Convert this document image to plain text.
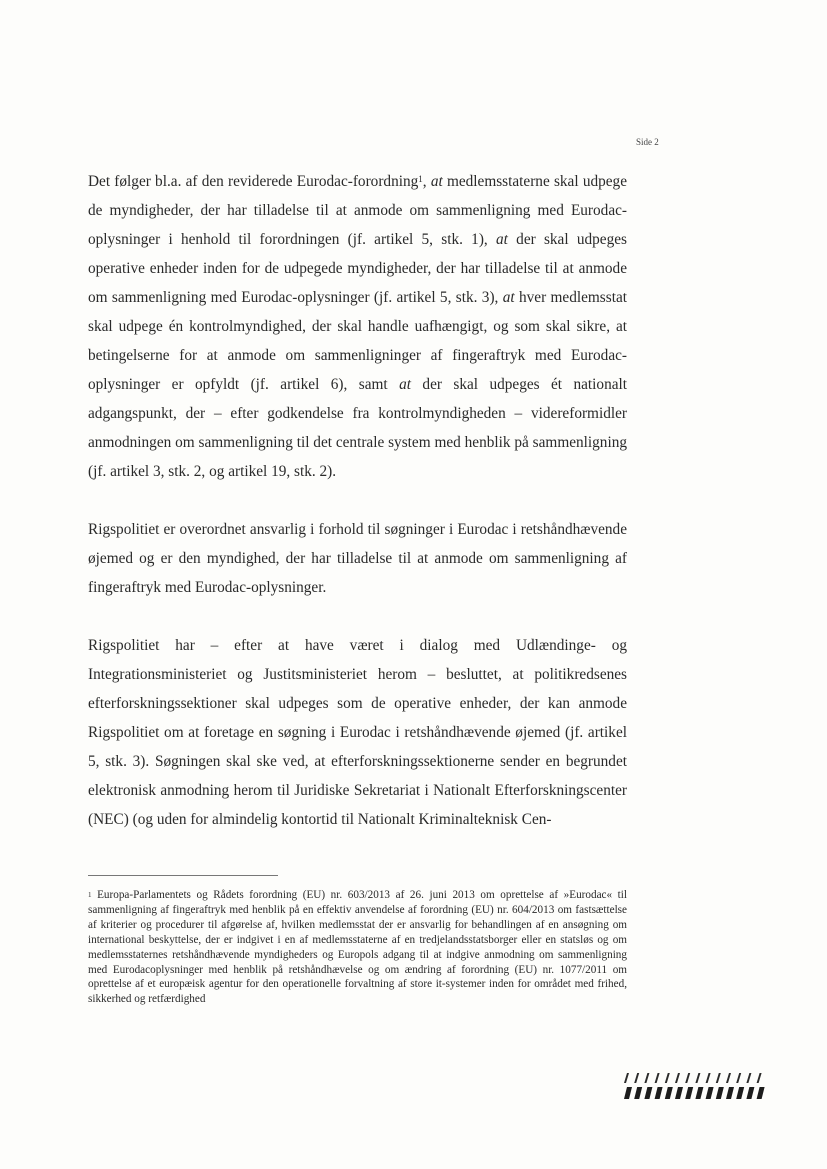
Side 2

Det følger bl.a. af den reviderede Eurodac-forordning$^1$, at medlemsstaterne skal udpege de myndigheder, der har tilladelse til at anmode om sammenligning med Eurodac-oplysninger i henhold til forordningen (jf. artikel 5, stk. 1), at der skal udpeges operative enheder inden for de udpegede myndigheder, der har tilladelse til at anmode om sammenligning med Eurodac-oplysninger (jf. artikel 5, stk. 3), at hver medlemsstat skal udpege én kontrolmyndighed, der skal handle uafhængigt, og som skal sikre, at betingelserne for at anmode om sammenligninger af fingeraftryk med Eurodac-oplysninger er opfyldt (jf. artikel 6), samt at der skal udpeges ét nationalt adgangspunkt, der – efter godkendelse fra kontrolmyndigheden – videreformidler anmodningen om sammenligning til det centrale system med henblik på sammenligning (jf. artikel 3, stk. 2, og artikel 19, stk. 2).

Rigspolitiet er overordnet ansvarlig i forhold til søgninger i Eurodac i retshåndhævende øjemed og er den myndighed, der har tilladelse til at anmode om sammenligning af fingeraftryk med Eurodac-oplysninger.

Rigspolitiet har – efter at have været i dialog med Udlændinge- og Integrationsministeriet og Justitsministeriet herom – besluttet, at politikredsenes efterforskningssektioner skal udpeges som de operative enheder, der kan anmode Rigspolitiet om at foretage en søgning i Eurodac i retshåndhævende øjemed (jf. artikel 5, stk. 3). Søgningen skal ske ved, at efterforskningssektionerne sender en begrundet elektronisk anmodning herom til Juridiske Sekretariat i Nationalt Efterforskningscenter (NEC) (og uden for almindelig kontortid til Nationalt Kriminalteknisk Cen-

$^1$ Europa-Parlamentets og Rådets forordning (EU) nr. 603/2013 af 26. juni 2013 om oprettelse af »Eurodac« til sammenligning af fingeraftryk med henblik på en effektiv anvendelse af forordning (EU) nr. 604/2013 om fastsættelse af kriterier og procedurer til afgørelse af, hvilken medlemsstat der er ansvarlig for behandlingen af en ansøgning om international beskyttelse, der er indgivet i en af medlemsstaterne af en tredjelandsstatsborger eller en statsløs og om medlemsstaternes retshåndhævende myndigheders og Europols adgang til at indgive anmodning om sammenligning med Eurodacoplysninger med henblik på retshåndhævelse og om ændring af forordning (EU) nr. 1077/2011 om oprettelse af et europæisk agentur for den operationelle forvaltning af store it-systemer inden for området med frihed, sikkerhed og retfærdighed
